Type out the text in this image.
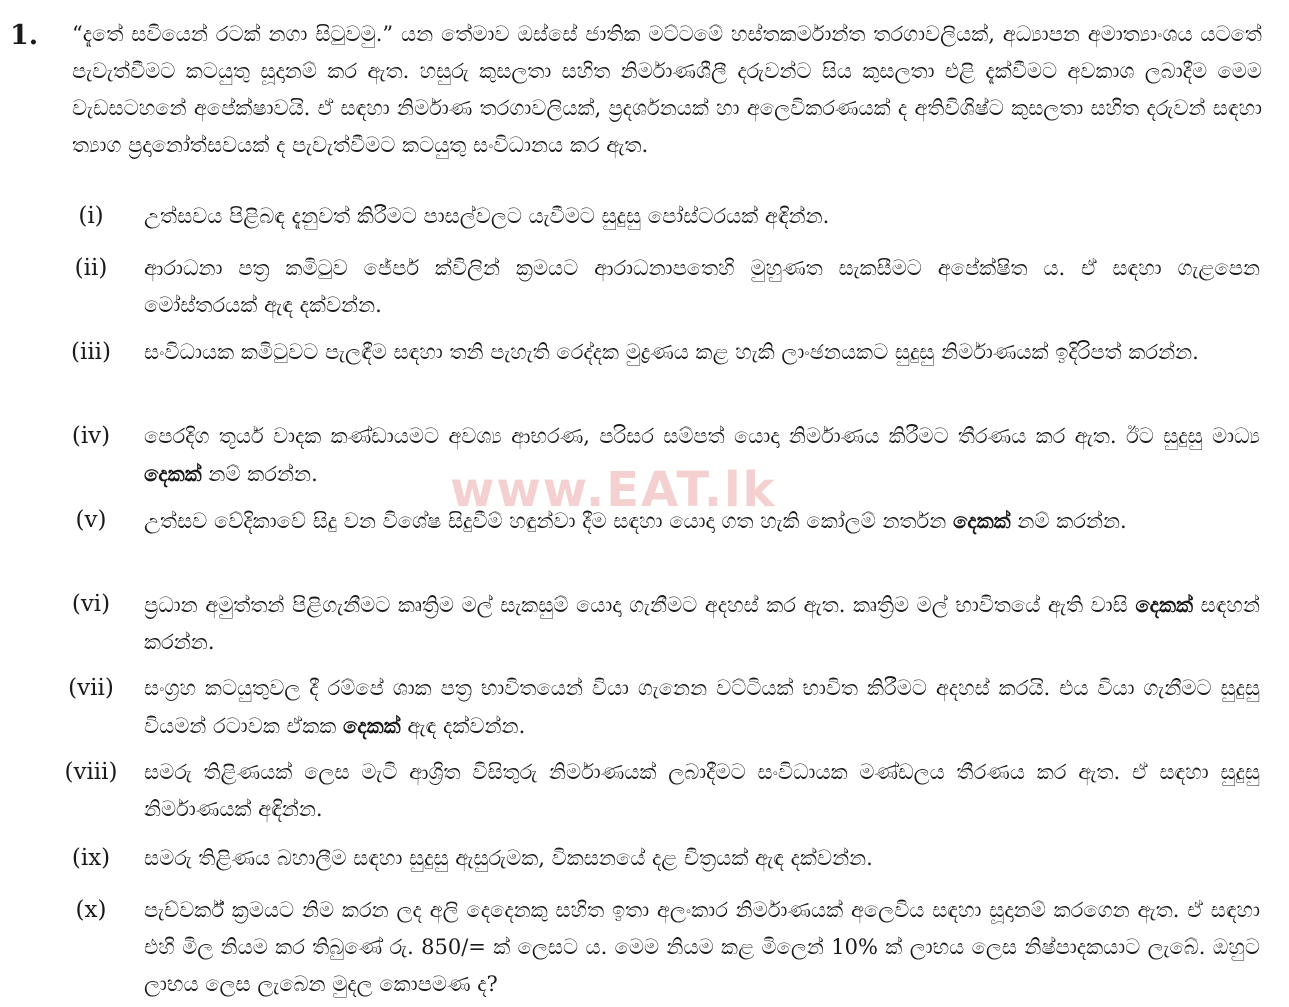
1. “දැතේ සවියෙන් රටක් නගා සිටුවමු.” යන තේමාව ඔස්සේ ජාතික මට්ටමේ හස්තකර්මාන්ත තරගාවලියක්, අධ්‍යාපන අමාත්‍යාංශය යටතේ පැවැත්වීමට කටයුතු සූදානම් කර ඇත. හසුරු කුසලතා සහිත නිර්මාණශීලී දරුවන්ට සිය කුසලතා එළි දැක්වීමට අවකාශ ලබාදීම මෙම වැඩසටහනේ අපේක්ෂාවයි. ඒ සඳහා නිර්මාණ තරගාවලියක්, ප්‍රදර්ශනයක් හා අලෙවිකරණයක් ද අතිවිශිෂ්ට කුසලතා සහිත දරුවන් සඳහා ත්‍යාග ප්‍රදානෝත්සවයක් ද පැවැත්වීමට කටයුතු සංවිධානය කර ඇත.
(i)	උත්සවය පිළිබඳ දැනුවත් කිරීමට පාසල්වලට යැවීමට සුදුසු පෝස්ටරයක් අඳින්න.
(ii)	ආරාධනා පත්‍ර කමිටුව ජේපර් ක්විලින් ක්‍රමයට ආරාධනාපතෙහි මුහුණත සැකසීමට අපේක්ෂිත ය. ඒ සඳහා ගැළපෙන මෝස්තරයක් ඇඳ දක්වන්න.
(iii)	සංවිධායක කමිටුවට පැලඳීම සඳහා තනි පැහැති රෙද්දක මුද්‍රණය කළ හැකි ලාංඡනයකට සුදුසු නිර්මාණයක් ඉදිරිපත් කරන්න.
(iv)	පෙරදිග තූර්ය වාදක කණ්ඩායමට අවශ්‍ය ආභරණ, පරිසර සම්පත් යොදා නිර්මාණය කිරීමට තීරණය කර ඇත. ඊට සුදුසු මාධ්‍ය දෙකක් නම් කරන්න.
(v)	උත්සව වේදිකාවේ සිදු වන විශේෂ සිදුවීම් හඳුන්වා දීම සඳහා යොදා ගත හැකි කෝලම් නර්තන දෙකක් නම් කරන්න.
(vi)	ප්‍රධාන අමුත්තන් පිළිගැනීමට කෘත්‍රිම මල් සැකසුම් යොදා ගැනීමට අදහස් කර ඇත. කෘත්‍රිම මල් භාවිතයේ ඇති වාසි දෙකක් සඳහන් කරන්න.
(vii)	සංග්‍රහ කටයුතුවල දී රම්පේ ශාක පත්‍ර භාවිතයෙන් වියා ගැනෙන වට්ටියක් භාවිත කිරීමට අදහස් කරයි. එය වියා ගැනීමට සුදුසු වියමන් රටාවක ඒකක දෙකක් ඇඳ දක්වන්න.
(viii) සමරු තිළිණයක් ලෙස මැටි ආශ්‍රිත විසිතුරු නිර්මාණයක් ලබාදීමට සංවිධායක මණ්ඩලය තීරණය කර ඇත. ඒ සඳහා සුදුසු නිර්මාණයක් අඳින්න.
(ix)	සමරු තිළිණය බහාලීම සඳහා සුදුසු ඇසුරුමක, විකසනයේ දළ චිත්‍රයක් ඇඳ දක්වන්න.
(x)	පැච්වර්ක් ක්‍රමයට නිම කරන ලද අලි දෙදෙනකු සහිත ඉතා අලංකාර නිර්මාණයක් අලෙවිය සඳහා සූදානම් කරගෙන ඇත. ඒ සඳහා එහි මිල නියම කර තිබුණේ රු. 850/= ක් ලෙසට ය. මෙම නියම කළ මිලෙන් 10% ක් ලාභය ලෙස නිෂ්පාදකයාට ලැබේ. ඔහුට ලාභය ලෙස ලැබෙන මුදල කොපමණ ද?
www.EAT.lk
